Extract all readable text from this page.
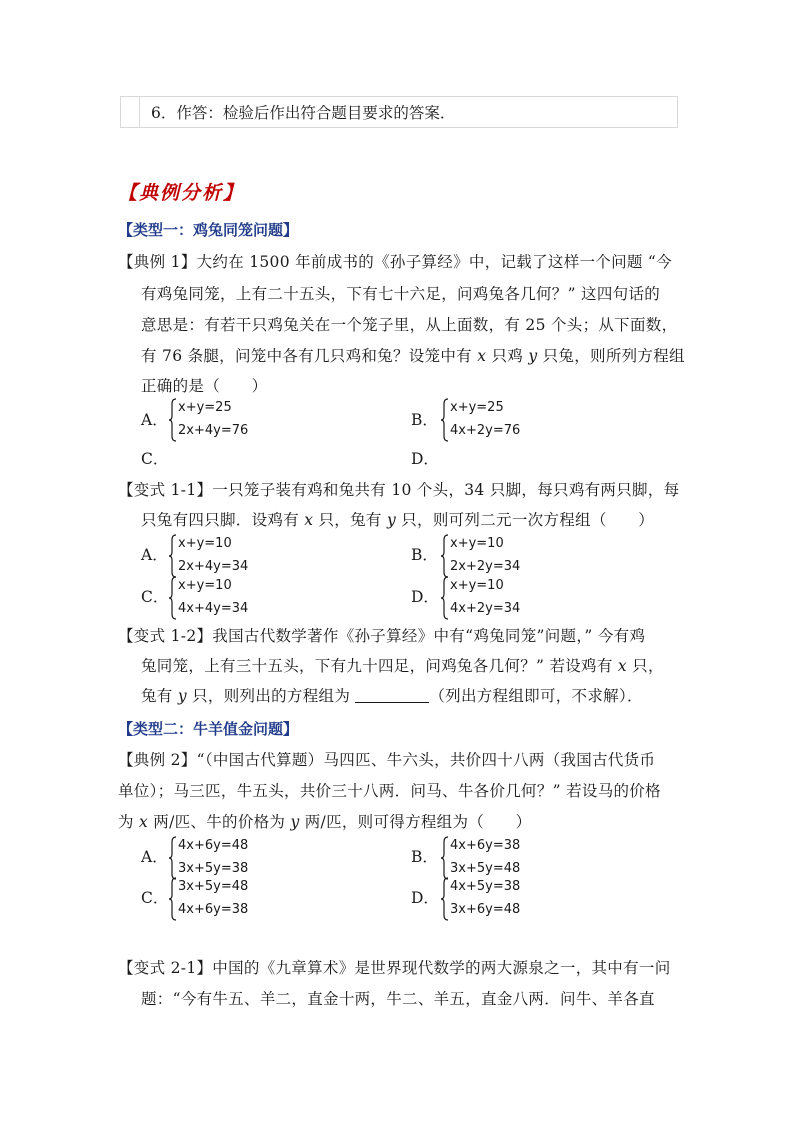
6．作答：检验后作出符合题目要求的答案．
【典例分析】
【类型一：鸡兔同笼问题】
【典例 1】大约在 1500 年前成书的《孙子算经》中，记载了这样一个问题 “今
有鸡兔同笼，上有二十五头，下有七十六足，问鸡兔各几何？” 这四句话的
意思是：有若干只鸡兔关在一个笼子里，从上面数，有 25 个头；从下面数，
有 76 条腿，问笼中各有几只鸡和兔？设笼中有 x 只鸡 y 只兔，则所列方程组
正确的是（　　）
A．
x+y=25
2x+4y=76
B．
x+y=25
4x+2y=76
C．	D．
【变式 1-1】一只笼子装有鸡和兔共有 10 个头，34 只脚，每只鸡有两只脚，每
只兔有四只脚．设鸡有 x 只，兔有 y 只，则可列二元一次方程组（　　）
A．
x+y=10
2x+4y=34
B．
x+y=10
2x+2y=34
C．
x+y=10
4x+4y=34
D．
x+y=10
4x+2y=34
【变式 1-2】我国古代数学著作《孙子算经》中有“鸡兔同笼”问题，” 今有鸡
兔同笼，上有三十五头，下有九十四足，问鸡兔各几何？” 若设鸡有 x 只，
兔有 y 只，则列出的方程组为	（列出方程组即可，不求解）．
【类型二：牛羊值金问题】
【典例 2】“（中国古代算题）马四匹、牛六头，共价四十八两（我国古代货币
单位）；马三匹，牛五头，共价三十八两．问马、牛各价几何？” 若设马的价格
为 x 两/匹、牛的价格为 y 两/匹，则可得方程组为（　　）
A．
4x+6y=48
3x+5y=38
B．
4x+6y=38
3x+5y=48
C．
3x+5y=48
4x+6y=38
D．
4x+5y=38
3x+6y=48
【变式 2-1】中国的《九章算术》是世界现代数学的两大源泉之一，其中有一问
题：“今有牛五、羊二，直金十两，牛二、羊五，直金八两．问牛、羊各直
